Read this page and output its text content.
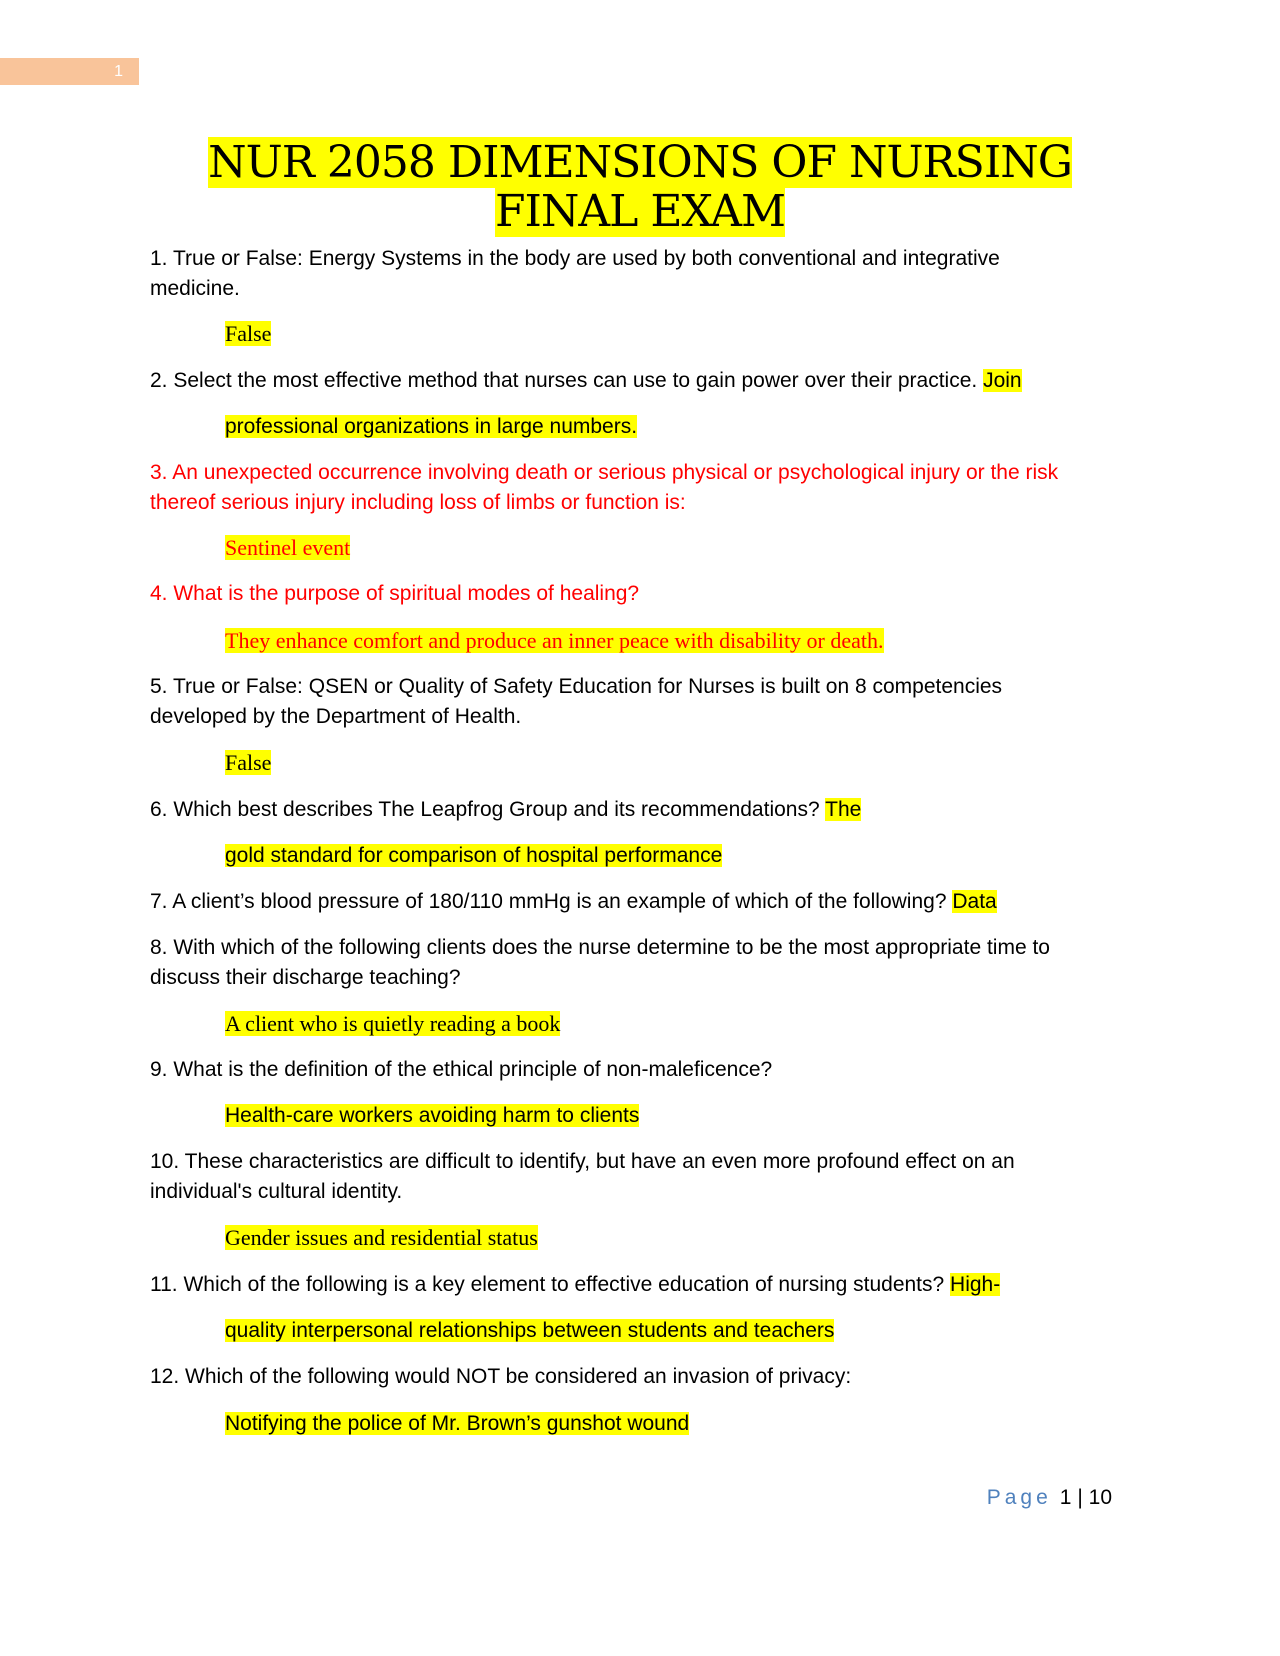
1
NUR 2058 DIMENSIONS OF NURSING FINAL EXAM

1. True or False: Energy Systems in the body are used by both conventional and integrative medicine.

False

2. Select the most effective method that nurses can use to gain power over their practice. Join

professional organizations in large numbers.

3. An unexpected occurrence involving death or serious physical or psychological injury or the risk thereof serious injury including loss of limbs or function is:

Sentinel event

4. What is the purpose of spiritual modes of healing?

They enhance comfort and produce an inner peace with disability or death.

5. True or False: QSEN or Quality of Safety Education for Nurses is built on 8 competencies developed by the Department of Health.

False

6. Which best describes The Leapfrog Group and its recommendations? The

gold standard for comparison of hospital performance

7. A client’s blood pressure of 180/110 mmHg is an example of which of the following? Data

8. With which of the following clients does the nurse determine to be the most appropriate time to discuss their discharge teaching?

A client who is quietly reading a book

9. What is the definition of the ethical principle of non-maleficence?

Health-care workers avoiding harm to clients

10. These characteristics are difficult to identify, but have an even more profound effect on an individual's cultural identity.

Gender issues and residential status

11. Which of the following is a key element to effective education of nursing students? High-

quality interpersonal relationships between students and teachers

12. Which of the following would NOT be considered an invasion of privacy:

Notifying the police of Mr. Brown’s gunshot wound

Page 1 | 10
